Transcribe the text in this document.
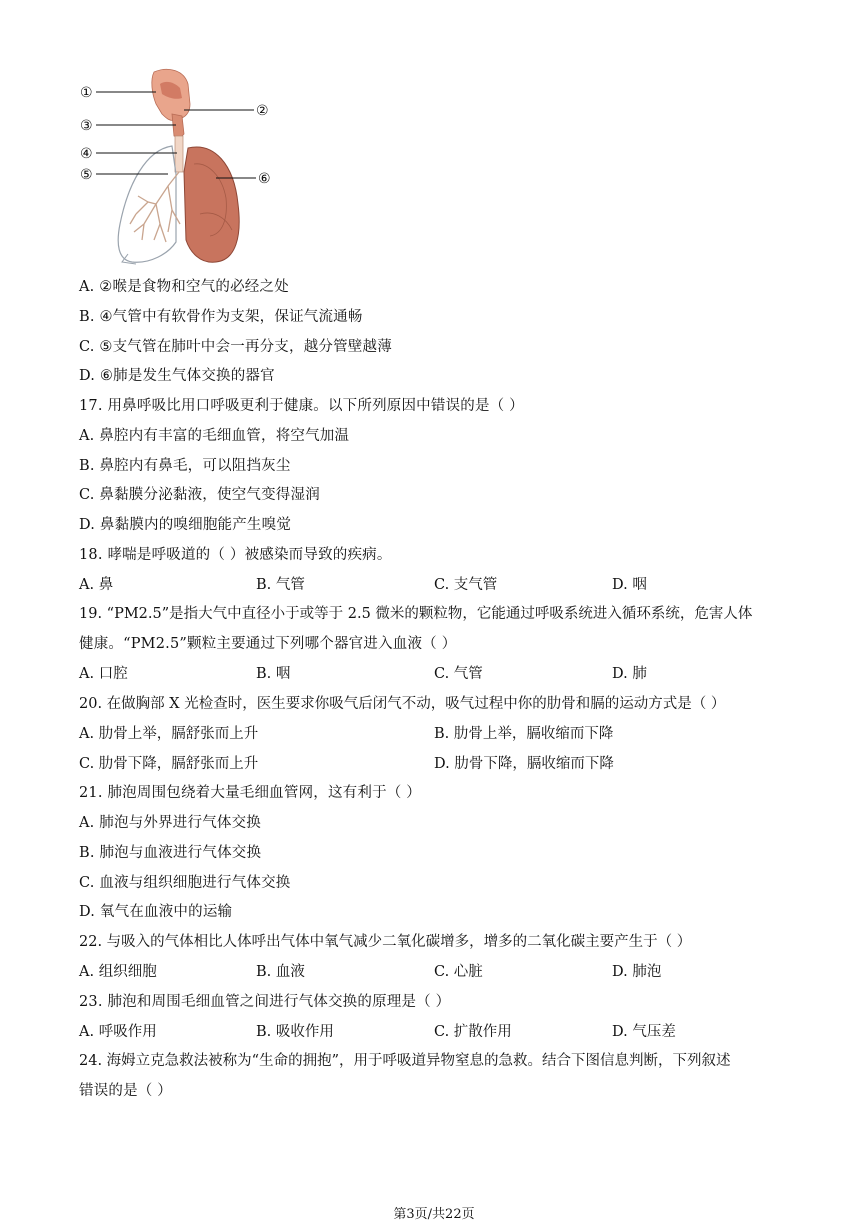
①
②
③
④
⑤	⑥
A. ②喉是食物和空气的必经之处
B. ④气管中有软骨作为支架，保证气流通畅
C. ⑤支气管在肺叶中会一再分支，越分管壁越薄
D. ⑥肺是发生气体交换的器官
17. 用鼻呼吸比用口呼吸更利于健康。以下所列原因中错误的是（ ）
A. 鼻腔内有丰富的毛细血管，将空气加温
B. 鼻腔内有鼻毛，可以阻挡灰尘
C. 鼻黏膜分泌黏液，使空气变得湿润
D. 鼻黏膜内的嗅细胞能产生嗅觉
18. 哮喘是呼吸道的（ ）被感染而导致的疾病。
A. 鼻	B. 气管	C. 支气管	D. 咽
19. “PM2.5”是指大气中直径小于或等于 2.5 微米的颗粒物，它能通过呼吸系统进入循环系统，危害人体
健康。“PM2.5”颗粒主要通过下列哪个器官进入血液（ ）
A. 口腔	B. 咽	C. 气管	D. 肺
20. 在做胸部 X 光检查时，医生要求你吸气后闭气不动，吸气过程中你的肋骨和膈的运动方式是（ ）
A. 肋骨上举，膈舒张而上升	B. 肋骨上举，膈收缩而下降
C. 肋骨下降，膈舒张而上升	D. 肋骨下降，膈收缩而下降
21. 肺泡周围包绕着大量毛细血管网，这有利于（ ）
A. 肺泡与外界进行气体交换
B. 肺泡与血液进行气体交换
C. 血液与组织细胞进行气体交换
D. 氧气在血液中的运输
22. 与吸入的气体相比人体呼出气体中氧气减少二氧化碳增多，增多的二氧化碳主要产生于（ ）
A. 组织细胞	B. 血液	C. 心脏	D. 肺泡
23. 肺泡和周围毛细血管之间进行气体交换的原理是（ ）
A. 呼吸作用	B. 吸收作用	C. 扩散作用	D. 气压差
24. 海姆立克急救法被称为“生命的拥抱”，用于呼吸道异物窒息的急救。结合下图信息判断，下列叙述
错误的是（ ）
第3页/共22页
